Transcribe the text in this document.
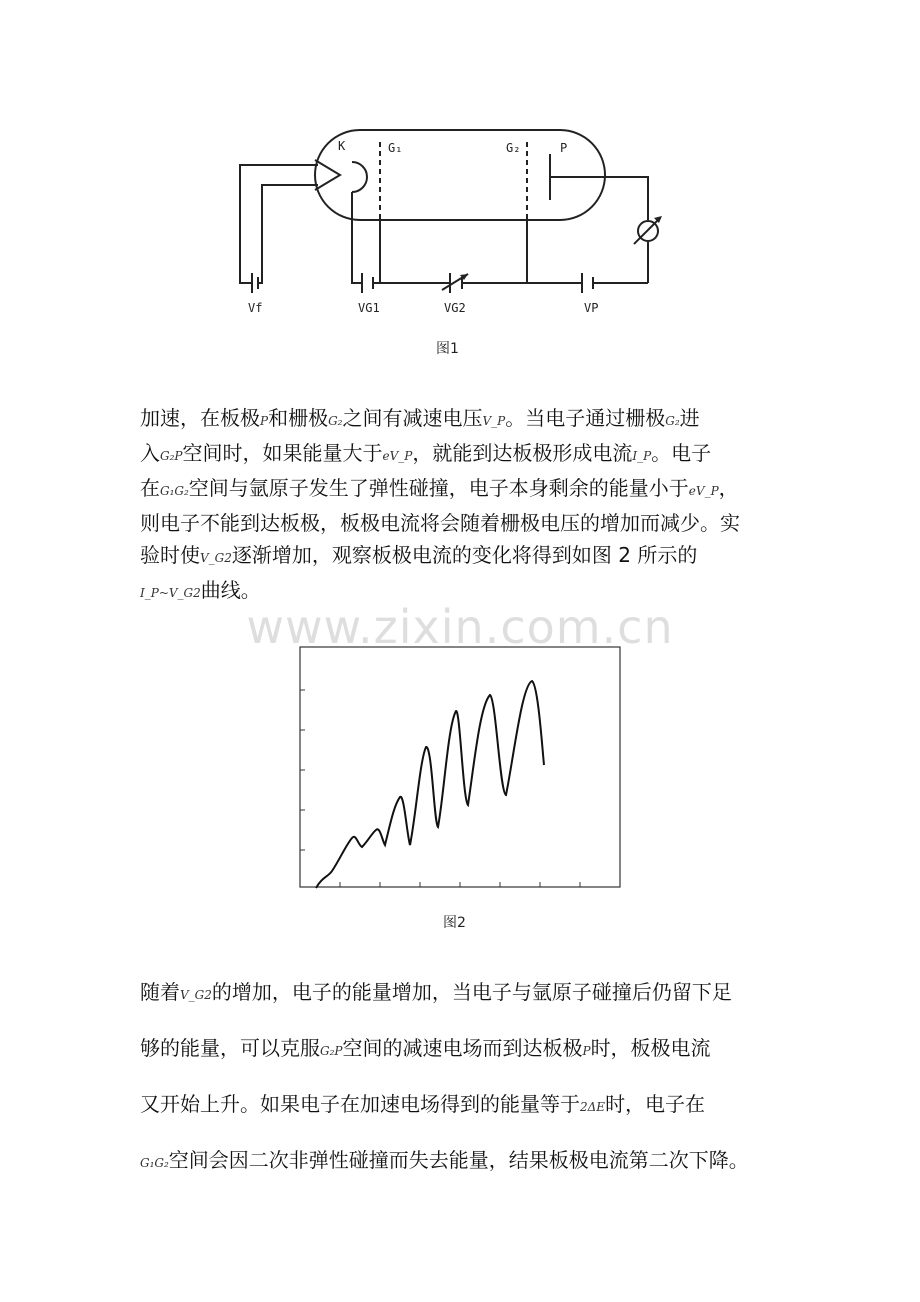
K	G₁	G₂	P
Vf	VG1	VG2	VP
图1
加速，在板极P和栅极G₂之间有减速电压V_P。当电子通过栅极G₂进
入G₂P空间时，如果能量大于eV_P，就能到达板极形成电流I_P。电子
在G₁G₂空间与氩原子发生了弹性碰撞，电子本身剩余的能量小于eV_P，
则电子不能到达板极，板极电流将会随着栅极电压的增加而减少。实
验时使V_G2逐渐增加，观察板极电流的变化将得到如图 2 所示的
I_P~V_G2曲线。
www.zixin.com.cn
图2
随着V_G2的增加，电子的能量增加，当电子与氩原子碰撞后仍留下足
够的能量，可以克服G₂P空间的减速电场而到达板极P时，板极电流
又开始上升。如果电子在加速电场得到的能量等于2ΔE时，电子在
G₁G₂空间会因二次非弹性碰撞而失去能量，结果板极电流第二次下降。
